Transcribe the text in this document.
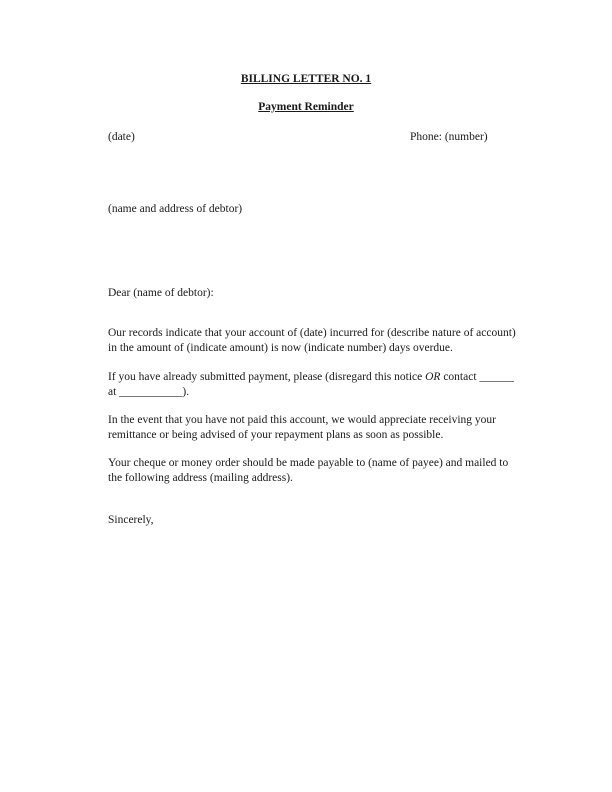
BILLING LETTER NO. 1
Payment Reminder
(date)	Phone: (number)
(name and address of debtor)
Dear (name of debtor):
Our records indicate that your account of (date) incurred for (describe nature of account)
in the amount of (indicate amount) is now (indicate number) days overdue.
If you have already submitted payment, please (disregard this notice OR contact ______
at ___________).
In the event that you have not paid this account, we would appreciate receiving your
remittance or being advised of your repayment plans as soon as possible.
Your cheque or money order should be made payable to (name of payee) and mailed to
the following address (mailing address).
Sincerely,
